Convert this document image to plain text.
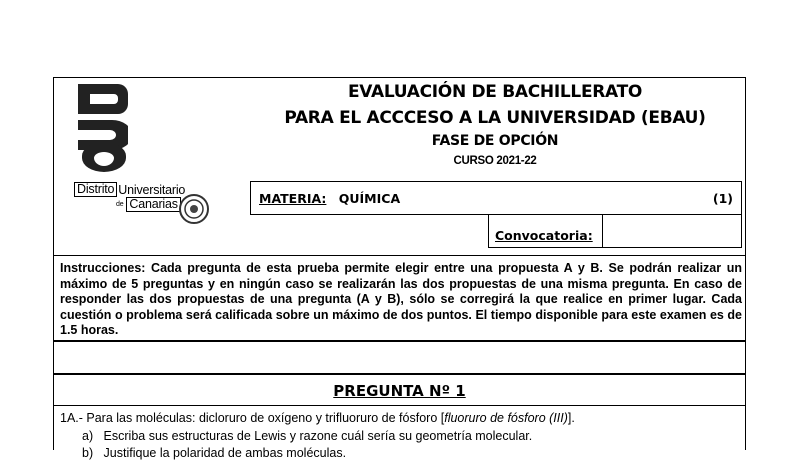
Distrito Universitario
de Canarias
EVALUACIÓN DE BACHILLERATO
PARA EL ACCCESO A LA UNIVERSIDAD (EBAU)
FASE DE OPCIÓN
CURSO 2021-22
MATERIA: QUÍMICA	(1)
Convocatoria:
Instrucciones: Cada pregunta de esta prueba permite elegir entre una propuesta A y B. Se podrán realizar un máximo de 5 preguntas y en ningún caso se realizarán las dos propuestas de una misma pregunta. En caso de responder las dos propuestas de una pregunta (A y B), sólo se corregirá la que realice en primer lugar. Cada cuestión o problema será calificada sobre un máximo de dos puntos. El tiempo disponible para este examen es de 1.5 horas.
PREGUNTA Nº 1
1A.- Para las moléculas: dicloruro de oxígeno y trifluoruro de fósforo [fluoruro de fósforo (III)].
a) Escriba sus estructuras de Lewis y razone cuál sería su geometría molecular.
b) Justifique la polaridad de ambas moléculas.
